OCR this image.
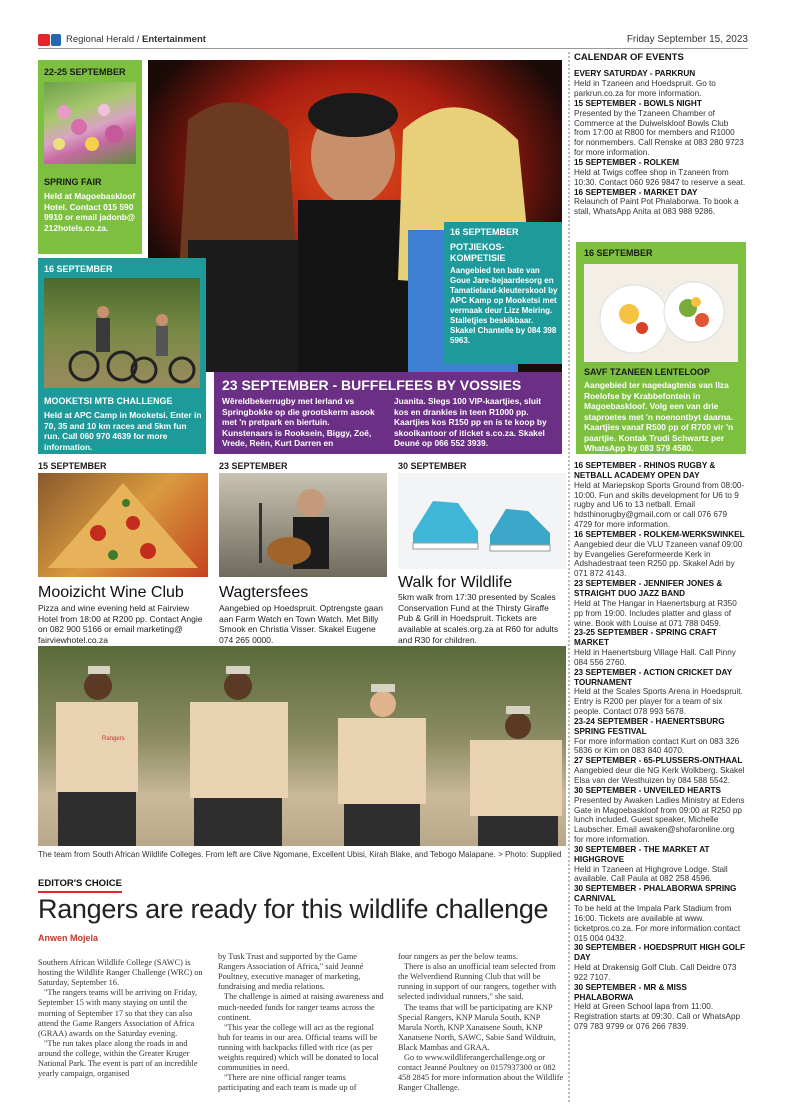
Regional Herald / Entertainment	Friday September 15, 2023
22-25 SEPTEMBER
SPRING FAIR
Held at Magoebaskloof Hotel. Contact 015 590 9910 or email jadonb@ 212hotels.co.za.
16 SEPTEMBER
MOOKETSI MTB CHALLENGE
Held at APC Camp in Mooketsi. Enter in 70, 35 and 10 km races and 5km fun run. Call 060 970 4639 for more information.
16 SEPTEMBER
POTJIEKOS-KOMPETISIE
Aangebied ten bate van Goue Jare-bejaardesorg en Tamatieland-kleuterskool by APC Kamp op Mooketsi met vermaak deur Lizz Meiring. Stalletjies beskikbaar. Skakel Chantelle by 084 398 5963.
23 SEPTEMBER - BUFFELFEES BY VOSSIES
Wêreldbekerrugby met Ierland vs Springbokke op die grootskerm asook met 'n pretpark en biertuin. Kunstenaars is Rooksein, Biggy, Zoë, Vrede, Reën, Kurt Darren en
Juanita. Slegs 100 VIP-kaartjies, sluit kos en drankies in teen R1000 pp. Kaartjies kos R150 pp en is te koop by skoolkantoor of iticket s.co.za. Skakel Deuné op 066 552 3939.
CALENDAR OF EVENTS
EVERY SATURDAY - PARKRUN
Held in Tzaneen and Hoedspruit. Go to parkrun.co.za for more information.
15 SEPTEMBER - BOWLS NIGHT
Presented by the Tzaneen Chamber of Commerce at the Duiwelskloof Bowls Club from 17:00 at R800 for members and R1000 for nonmembers. Call Renske at 083 280 9723 for more information.
15 SEPTEMBER - ROLKEM
Held at Twigs coffee shop in Tzaneen from 10:30. Contact 060 926 9847 to reserve a seat.
16 SEPTEMBER - MARKET DAY
Relaunch of Paint Pot Phalaborwa. To book a stall, WhatsApp Anita at 083 988 9286.
16 SEPTEMBER
SAVF TZANEEN LENTELOOP
Aangebied ter nagedagtenis van Ilza Roelofse by Krabbefontein in Magoebaskloof. Volg een van drie staproetes met 'n noenontbyt daarna. Kaartjies vanaf R500 pp of R700 vir 'n paartjie. Kontak Trudi Schwartz per WhatsApp by 083 579 4580.
16 SEPTEMBER - RHINOS RUGBY & NETBALL ACADEMY OPEN DAY
Held at Mariepskop Sports Ground from 08:00-10:00. Fun and skills development for U6 to 9 rugby and U6 to 13 netball. Email hdsthinorugby@gmail.com or call 076 679 4729 for more information.
16 SEPTEMBER - ROLKEM-WERKSWINKEL
Aangebied deur die VLU Tzaneen vanaf 09:00 by Evangelies Gereformeerde Kerk in Adshadestraat teen R250 pp. Skakel Adri by 071 872 4143.
23 SEPTEMBER - JENNIFER JONES & STRAIGHT DUO JAZZ BAND
Held at The Hangar in Haenertsburg at R350 pp from 19:00. Includes platter and glass of wine. Book with Louise at 071 788 0459.
23-25 SEPTEMBER - SPRING CRAFT MARKET
Held in Haenertsburg Village Hall. Call Pinny 084 556 2760.
23 SEPTEMBER - ACTION CRICKET DAY TOURNAMENT
Held at the Scales Sports Arena in Hoedspruit. Entry is R200 per player for a team of six people. Contact 078 993 5678.
23-24 SEPTEMBER - HAENERTSBURG SPRING FESTIVAL
For more information contact Kurt on 083 326 5836 or Kim on 083 840 4070.
27 SEPTEMBER - 65-PLUSSERS-ONTHAAL
Aangebied deur die NG Kerk Wolkberg. Skakel Elsa van der Westhuizen by 084 588 5542.
30 SEPTEMBER - UNVEILED HEARTS
Presented by Awaken Ladies Ministry at Edens Gate in Magoebaskloof from 09:00 at R250 pp lunch included. Guest speaker, Michelle Laubscher. Email awaken@shofaronline.org for more information.
30 SEPTEMBER - THE MARKET AT HIGHGROVE
Held in Tzaneen at Highgrove Lodge. Stall available. Call Paula at 082 258 4596.
30 SEPTEMBER - PHALABORWA SPRING CARNIVAL
To be held at the Impala Park Stadium from 16:00. Tickets are available at www. ticketpros.co.za. For more information contact 015 004 0432.
30 SEPTEMBER - HOEDSPRUIT HIGH GOLF DAY
Held at Drakensig Golf Club. Call Deidre 073 922 7107.
30 SEPTEMBER - MR & MISS PHALABORWA
Held at Green School lapa from 11:00. Registration starts at 09:30. Call or WhatsApp 079 783 9799 or 076 266 7839.
15 SEPTEMBER
Mooizicht Wine Club
Pizza and wine evening held at Fairview Hotel from 18:00 at R200 pp. Contact Angie on 082 900 5166 or email marketing@ fairviewhotel.co.za
23 SEPTEMBER
Wagtersfees
Aangebied op Hoedspruit. Optrengste gaan aan Farm Watch en Town Watch. Met Billy Smook en Christia Visser. Skakel Eugene 074 265 0000.
30 SEPTEMBER
Walk for Wildlife
5km walk from 17:30 presented by Scales Conservation Fund at the Thirsty Giraffe Pub & Grill in Hoedspruit. Tickets are available at scales.org.za at R60 for adults and R30 for children.
Rangers
The team from South African Wildlife Colleges. From left are Clive Ngomane, Excellent Ubisi, Kirah Blake, and Tebogo Malapane. > Photo: Supplied
EDITOR'S CHOICE
Rangers are ready for this wildlife challenge
Anwen Mojela

Southern African Wildlife College (SAWC) is hosting the Wildlife Ranger Challenge (WRC) on Saturday, September 16.

"The rangers teams will be arriving on Friday, September 15 with many staying on until the morning of September 17 so that they can also attend the Game Rangers Association of Africa (GRAA) awards on the Saturday evening.

"The run takes place along the roads in and around the college, within the Greater Kruger National Park. The event is part of an incredible yearly campaign, organised

by Tusk Trust and supported by the Game Rangers Association of Africa," said Jeanné Poultney, executive manager of marketing, fundraising and media relations.

The challenge is aimed at raising awareness and much-needed funds for ranger teams across the continent.

"This year the college will act as the regional hub for teams in our area. Official teams will be running with backpacks filled with rice (as per weights required) which will be donated to local communities in need.

"There are nine official ranger teams participating and each team is made up of

four rangers as per the below teams.

There is also an unofficial team selected from the Welverdiend Running Club that will be running in support of our rangers, together with selected individual runners," she said.

The teams that will be participating are KNP Special Rangers, KNP Marula South, KNP Marula North, KNP Xanatsene South, KNP Xanatsene North, SAWC, Sabie Sand Wildtuin, Black Mambas and GRAA.

Go to www.wildliferangerchallenge.org or contact Jeanné Poultney on 0157937300 or 082 458 2845 for more information about the Wildlife Ranger Challenge.
